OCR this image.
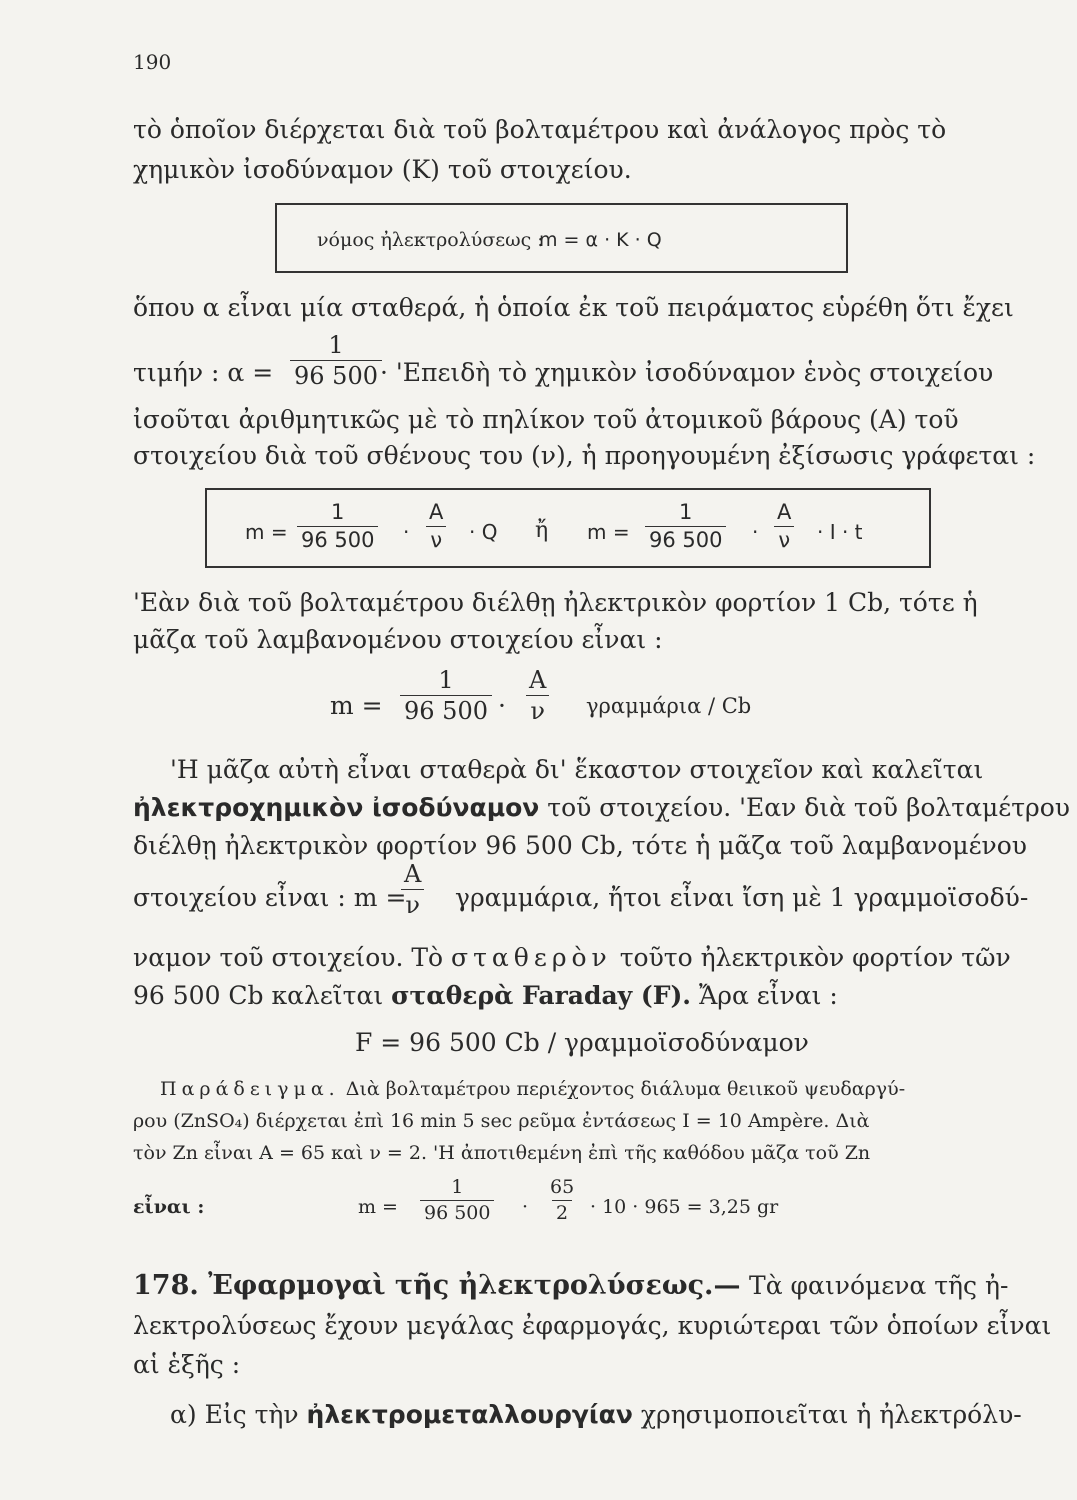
190
τὸ ὁποῖον διέρχεται διὰ τοῦ βολταμέτρου καὶ ἀνάλογος πρὸς τὸ
χημικὸν ἰσοδύναμον (K) τοῦ στοιχείου.
νόμος ἠλεκτρολύσεως :
m = α · K · Q
ὅπου α εἶναι μία σταθερά, ἡ ὁποία ἐκ τοῦ πειράματος εὑρέθη ὅτι ἔχει
τιμήν : $\alpha = \frac{1}{96 500}$
· 'Επειδὴ τὸ χημικὸν ἰσοδύναμον ἑνὸς στοιχείου
ἰσοῦται ἀριθμητικῶς μὲ τὸ πηλίκον τοῦ ἀτομικοῦ βάρους (A) τοῦ
στοιχείου διὰ τοῦ σθένους του (ν), ἡ προηγουμένη ἐξίσωσις γράφεται :
$m = \frac{1}{96 500} \cdot \frac{A}{\nu} \cdot Q$ ἤ $m = \frac{1}{96 500} \cdot \frac{A}{\nu} \cdot I \cdot t$
'Εὰν διὰ τοῦ βολταμέτρου διέλθῃ ἠλεκτρικὸν φορτίον 1 Cb, τότε ἡ
μᾶζα τοῦ λαμβανομένου στοιχείου εἶναι :
$m = \frac{1}{96 500} \cdot \frac{A}{\nu}$ γραμμάρια / Cb
'Η μᾶζα αὐτὴ εἶναι σταθερὰ δι' ἕκαστον στοιχεῖον καὶ καλεῖται
ἠλεκτροχημικὸν ἰσοδύναμον τοῦ στοιχείου. 'Εαν διὰ τοῦ βολταμέτρου
διέλθῃ ἠλεκτρικὸν φορτίον 96 500 Cb, τότε ἡ μᾶζα τοῦ λαμβανομένου
στοιχείου εἶναι : m =
$\frac{A}{\nu} \gamma\rho\alpha\mu\mu ά\rho\iota\alpha$, ἤτοι εἶναι ἴση μὲ 1 γραμμοϊσοδύ-
ναμον τοῦ στοιχείου. Τὸ σταθερὸν τοῦτο ἠλεκτρικὸν φορτίον τῶν
96 500 Cb καλεῖται σταθερὰ Faraday (F). Ἄρα εἶναι :
F = 96 500 Cb / γραμμοϊσοδύναμον
Παράδειγμα. Διὰ βολταμέτρου περιέχοντος διάλυμα θειικοῦ ψευδαργύ-
ρου (ZnSO₄) διέρχεται ἐπὶ 16 min 5 sec ρεῦμα ἐντάσεως I = 10 Ampère. Διὰ
τὸν Zn εἶναι A = 65 καὶ ν = 2. 'Η ἀποτιθεμένη ἐπὶ τῆς καθόδου μᾶζα τοῦ Zn
εἶναι :	$m = \frac{1}{96 500} \cdot \frac{65}{2} \cdot 10 \cdot 965 = 3,25$ gr
178. Ἐφαρμογαὶ τῆς ἠλεκτρολύσεως.— Τὰ φαινόμενα τῆς ἠ-
λεκτρολύσεως ἔχουν μεγάλας ἐφαρμογάς, κυριώτεραι τῶν ὁποίων εἶναι
αἱ ἑξῆς :
α) Εἰς τὴν ἠλεκτρομεταλλουργίαν χρησιμοποιεῖται ἡ ἠλεκτρόλυ-
